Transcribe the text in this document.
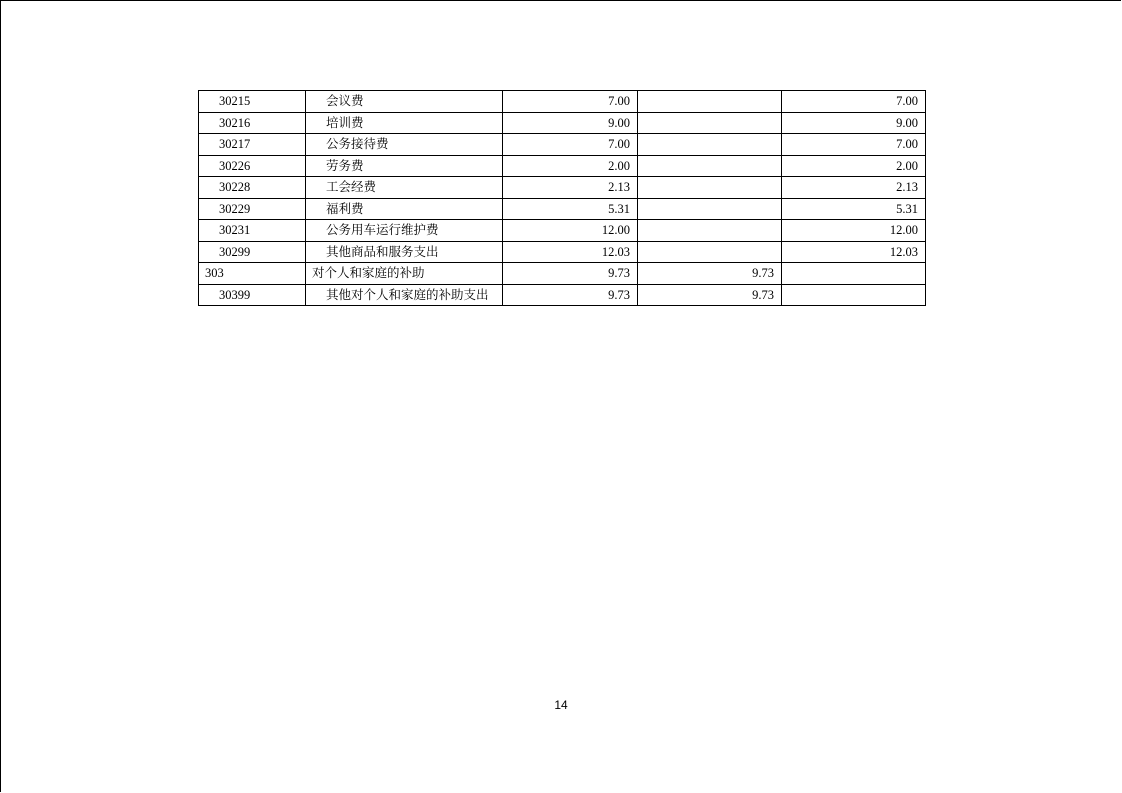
30215	会议费	7.00		7.00
30216	培训费	9.00		9.00
30217	公务接待费	7.00		7.00
30226	劳务费	2.00		2.00
30228	工会经费	2.13		2.13
30229	福利费	5.31		5.31
30231	公务用车运行维护费	12.00		12.00
30299	其他商品和服务支出	12.03		12.03
303	对个人和家庭的补助	9.73	9.73	
30399	其他对个人和家庭的补助支出	9.73	9.73	
14
